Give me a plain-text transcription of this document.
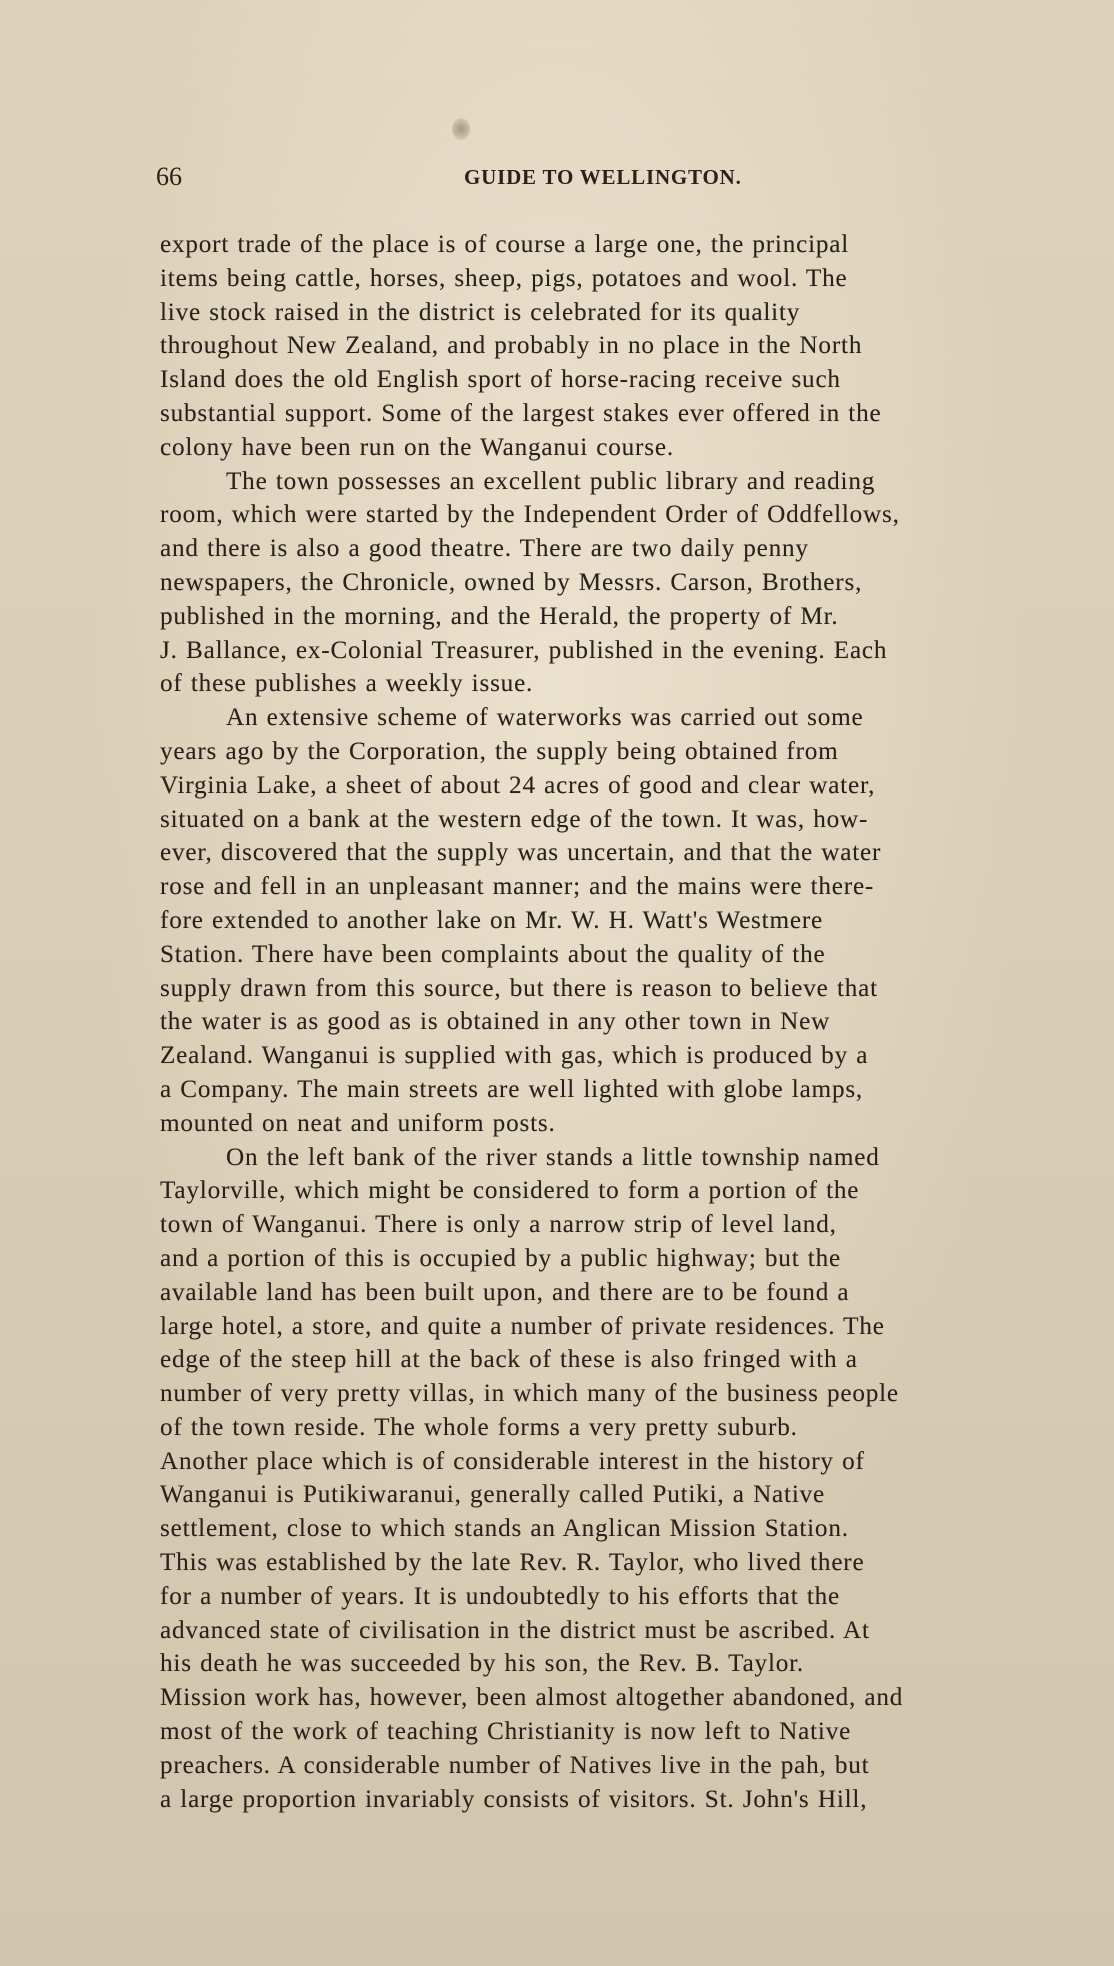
66	GUIDE TO WELLINGTON.
export trade of the place is of course a large one, the principal
items being cattle, horses, sheep, pigs, potatoes and wool. The
live stock raised in the district is celebrated for its quality
throughout New Zealand, and probably in no place in the North
Island does the old English sport of horse-racing receive such
substantial support. Some of the largest stakes ever offered in the
colony have been run on the Wanganui course.
The town possesses an excellent public library and reading
room, which were started by the Independent Order of Oddfellows,
and there is also a good theatre. There are two daily penny
newspapers, the Chronicle, owned by Messrs. Carson, Brothers,
published in the morning, and the Herald, the property of Mr.
J. Ballance, ex-Colonial Treasurer, published in the evening. Each
of these publishes a weekly issue.
An extensive scheme of waterworks was carried out some
years ago by the Corporation, the supply being obtained from
Virginia Lake, a sheet of about 24 acres of good and clear water,
situated on a bank at the western edge of the town. It was, how-
ever, discovered that the supply was uncertain, and that the water
rose and fell in an unpleasant manner; and the mains were there-
fore extended to another lake on Mr. W. H. Watt's Westmere
Station. There have been complaints about the quality of the
supply drawn from this source, but there is reason to believe that
the water is as good as is obtained in any other town in New
Zealand. Wanganui is supplied with gas, which is produced by a
a Company. The main streets are well lighted with globe lamps,
mounted on neat and uniform posts.
On the left bank of the river stands a little township named
Taylorville, which might be considered to form a portion of the
town of Wanganui. There is only a narrow strip of level land,
and a portion of this is occupied by a public highway; but the
available land has been built upon, and there are to be found a
large hotel, a store, and quite a number of private residences. The
edge of the steep hill at the back of these is also fringed with a
number of very pretty villas, in which many of the business people
of the town reside. The whole forms a very pretty suburb.
Another place which is of considerable interest in the history of
Wanganui is Putikiwaranui, generally called Putiki, a Native
settlement, close to which stands an Anglican Mission Station.
This was established by the late Rev. R. Taylor, who lived there
for a number of years. It is undoubtedly to his efforts that the
advanced state of civilisation in the district must be ascribed. At
his death he was succeeded by his son, the Rev. B. Taylor.
Mission work has, however, been almost altogether abandoned, and
most of the work of teaching Christianity is now left to Native
preachers. A considerable number of Natives live in the pah, but
a large proportion invariably consists of visitors. St. John's Hill,
